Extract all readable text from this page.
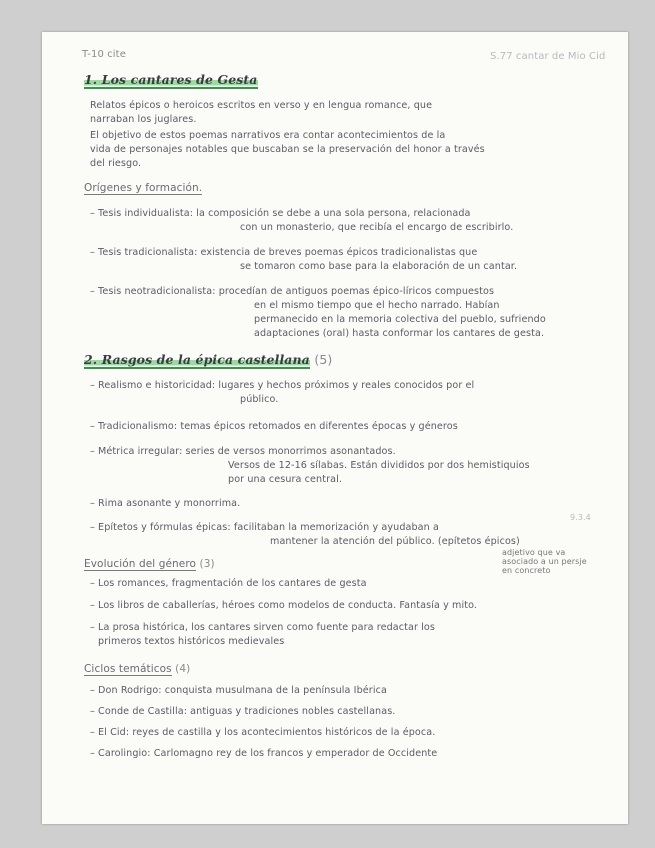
T-10 cite	S.77 cantar de Mio Cid
1. Los cantares de Gesta
Relatos épicos o heroicos escritos en verso y en lengua romance, que
narraban los juglares.
El objetivo de estos poemas narrativos era contar acontecimientos de la
vida de personajes notables que buscaban se la preservación del honor a través
del riesgo.
Orígenes y formación.
– Tesis individualista: la composición se debe a una sola persona, relacionada
con un monasterio, que recibía el encargo de escribirlo.
– Tesis tradicionalista: existencia de breves poemas épicos tradicionalistas que
se tomaron como base para la elaboración de un cantar.
– Tesis neotradicionalista: procedían de antiguos poemas épico-líricos compuestos
en el mismo tiempo que el hecho narrado. Habían
permanecido en la memoria colectiva del pueblo, sufriendo
adaptaciones (oral) hasta conformar los cantares de gesta.
2. Rasgos de la épica castellana (5)
– Realismo e historicidad: lugares y hechos próximos y reales conocidos por el
público.
– Tradicionalismo: temas épicos retomados en diferentes épocas y géneros
– Métrica irregular: series de versos monorrimos asonantados.
Versos de 12-16 sílabas. Están divididos por dos hemistiquios
por una cesura central.
– Rima asonante y monorrima.
– Epítetos y fórmulas épicas: facilitaban la memorización y ayudaban a
mantener la atención del público. (epítetos épicos)
9.3.4
adjetivo que va
asociado a un persje
en concreto
Evolución del género (3)
– Los romances, fragmentación de los cantares de gesta
– Los libros de caballerías, héroes como modelos de conducta. Fantasía y mito.
– La prosa histórica, los cantares sirven como fuente para redactar los
primeros textos históricos medievales
Ciclos temáticos (4)
– Don Rodrigo: conquista musulmana de la península Ibérica
– Conde de Castilla: antiguas y tradiciones nobles castellanas.
– El Cid: reyes de castilla y los acontecimientos históricos de la época.
– Carolingio: Carlomagno rey de los francos y emperador de Occidente
